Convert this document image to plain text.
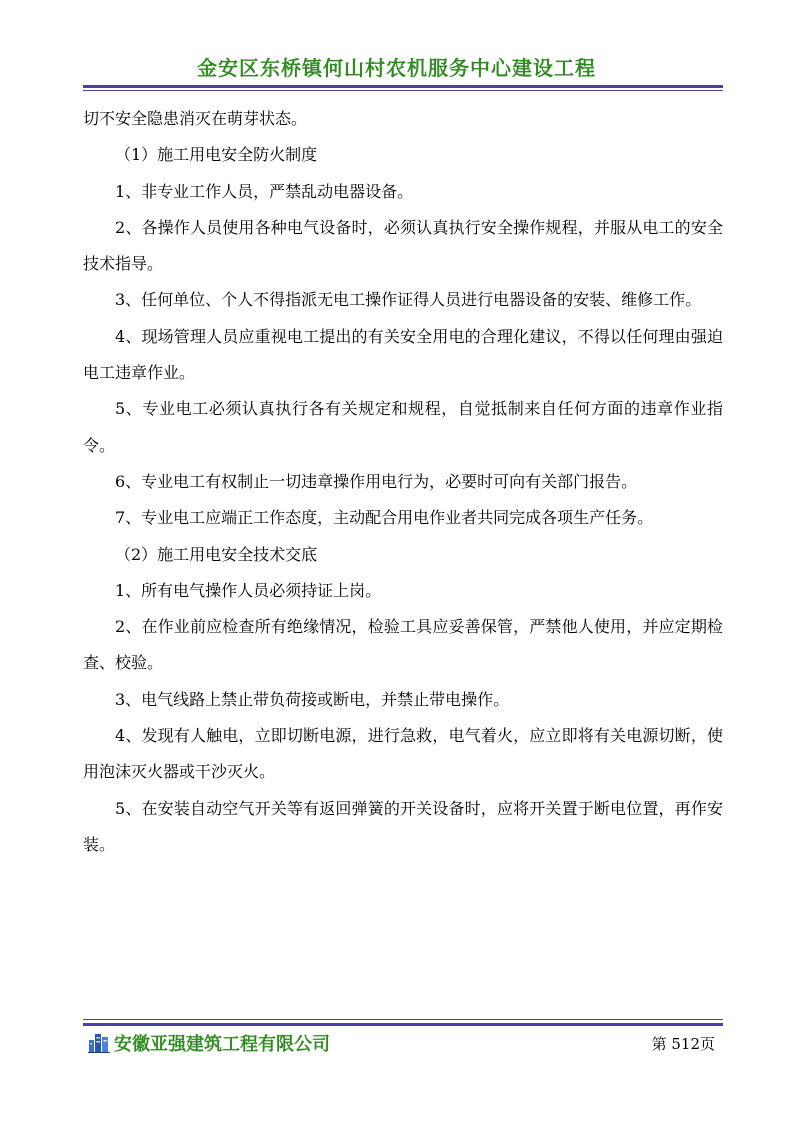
金安区东桥镇何山村农机服务中心建设工程

切不安全隐患消灭在萌芽状态。

（1）施工用电安全防火制度

1、非专业工作人员，严禁乱动电器设备。

2、各操作人员使用各种电气设备时，必须认真执行安全操作规程，并服从电工的安全技术指导。

3、任何单位、个人不得指派无电工操作证得人员进行电器设备的安装、维修工作。

4、现场管理人员应重视电工提出的有关安全用电的合理化建议，不得以任何理由强迫电工违章作业。

5、专业电工必须认真执行各有关规定和规程，自觉抵制来自任何方面的违章作业指令。

6、专业电工有权制止一切违章操作用电行为，必要时可向有关部门报告。

7、专业电工应端正工作态度，主动配合用电作业者共同完成各项生产任务。

（2）施工用电安全技术交底

1、所有电气操作人员必须持证上岗。

2、在作业前应检查所有绝缘情况，检验工具应妥善保管，严禁他人使用，并应定期检查、校验。

3、电气线路上禁止带负荷接或断电，并禁止带电操作。

4、发现有人触电，立即切断电源，进行急救，电气着火，应立即将有关电源切断，使用泡沫灭火器或干沙灭火。

5、在安装自动空气开关等有返回弹簧的开关设备时，应将开关置于断电位置，再作安装。

安徽亚强建筑工程有限公司	第 512页
